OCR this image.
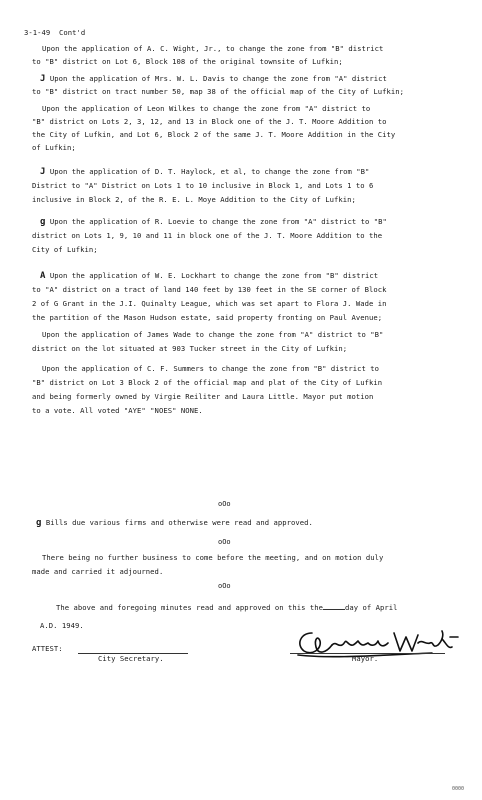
3-1-49 Cont'd
Upon the application of A. C. Wight, Jr., to change the zone from "B" district
to "B" district on Lot 6, Block 108 of the original townsite of Lufkin;
J Upon the application of Mrs. W. L. Davis to change the zone from "A" district
to "B" district on tract number 50, map 38 of the official map of the City of Lufkin;
Upon the application of Leon Wilkes to change the zone from "A" district to
"B" district on Lots 2, 3, 12, and 13 in Block one of the J. T. Moore Addition to
the City of Lufkin, and Lot 6, Block 2 of the same J. T. Moore Addition in the City
of Lufkin;
J Upon the application of D. T. Haylock, et al, to change the zone from "B"
District to "A" District on Lots 1 to 10 inclusive in Block 1, and Lots 1 to 6
inclusive in Block 2, of the R. E. L. Moye Addition to the City of Lufkin;
g Upon the application of R. Loevie to change the zone from "A" district to "B"
district on Lots 1, 9, 10 and 11 in block one of the J. T. Moore Addition to the
City of Lufkin;
A Upon the application of W. E. Lockhart to change the zone from "B" district
to "A" district on a tract of land 140 feet by 130 feet in the SE corner of Block
2 of G Grant in the J.I. Quinalty League, which was set apart to Flora J. Wade in
the partition of the Mason Hudson estate, said property fronting on Paul Avenue;
Upon the application of James Wade to change the zone from "A" district to "B"
district on the lot situated at 903 Tucker street in the City of Lufkin;
Upon the application of C. F. Summers to change the zone from "B" district to
"B" district on Lot 3 Block 2 of the official map and plat of the City of Lufkin
and being formerly owned by Virgie Reiliter and Laura Little. Mayor put motion
to a vote. All voted "AYE" "NOES" NONE.
oOo
g Bills due various firms and otherwise were read and approved.
oOo
There being no further business to come before the meeting, and on motion duly
made and carried it adjourned.
oOo
The above and foregoing minutes read and approved on this the	day of April
A.D. 1949.
ATTEST:
City Secretary.	Mayor.
0000
